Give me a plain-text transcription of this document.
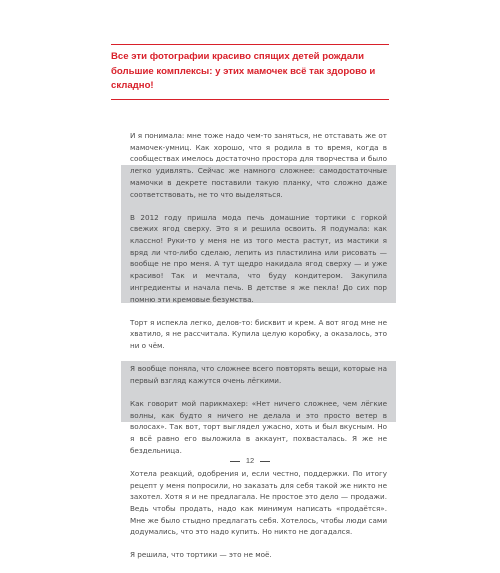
Все эти фотографии красиво спящих детей рождали большие комплексы: у этих мамочек всё так здорово и складно!

И я понимала: мне тоже надо чем-то заняться, не отставать же от мамочек-умниц. Как хорошо, что я родила в то время, когда в сообществах имелось достаточно простора для творчества и было легко удивлять. Сейчас же намного сложнее: самодостаточные мамочки в декрете поставили такую планку, что сложно даже соответствовать, не то что выделяться.

В 2012 году пришла мода печь домашние тортики с горкой свежих ягод сверху. Это я и решила освоить. Я подумала: как классно! Руки-то у меня не из того места растут, из мастики я вряд ли что-либо сделаю, лепить из пластилина или рисовать — вообще не про меня. А тут щедро накидала ягод сверху — и уже красиво! Так и мечтала, что буду кондитером. Закупила ингредиенты и начала печь. В детстве я же пекла! До сих пор помню эти кремовые безумства.

Торт я испекла легко, делов-то: бисквит и крем. А вот ягод мне не хватило, я не рассчитала. Купила целую коробку, а оказалось, это ни о чём.

Я вообще поняла, что сложнее всего повторять вещи, которые на первый взгляд кажутся очень лёгкими.

Как говорит мой парикмахер: «Нет ничего сложнее, чем лёгкие волны, как будто я ничего не делала и это просто ветер в волосах». Так вот, торт выглядел ужасно, хоть и был вкусным. Но я всё равно его выложила в аккаунт, похвасталась. Я же не бездельница.

Хотела реакций, одобрения и, если честно, поддержки. По итогу рецепт у меня попросили, но заказать для себя такой же никто не захотел. Хотя я и не предлагала. Не простое это дело — продажи. Ведь чтобы продать, надо как минимум написать «продаётся». Мне же было стыдно предлагать себя. Хотелось, чтобы люди сами додумались, что это надо купить. Но никто не догадался.

Я решила, что тортики — это не моё.

12
